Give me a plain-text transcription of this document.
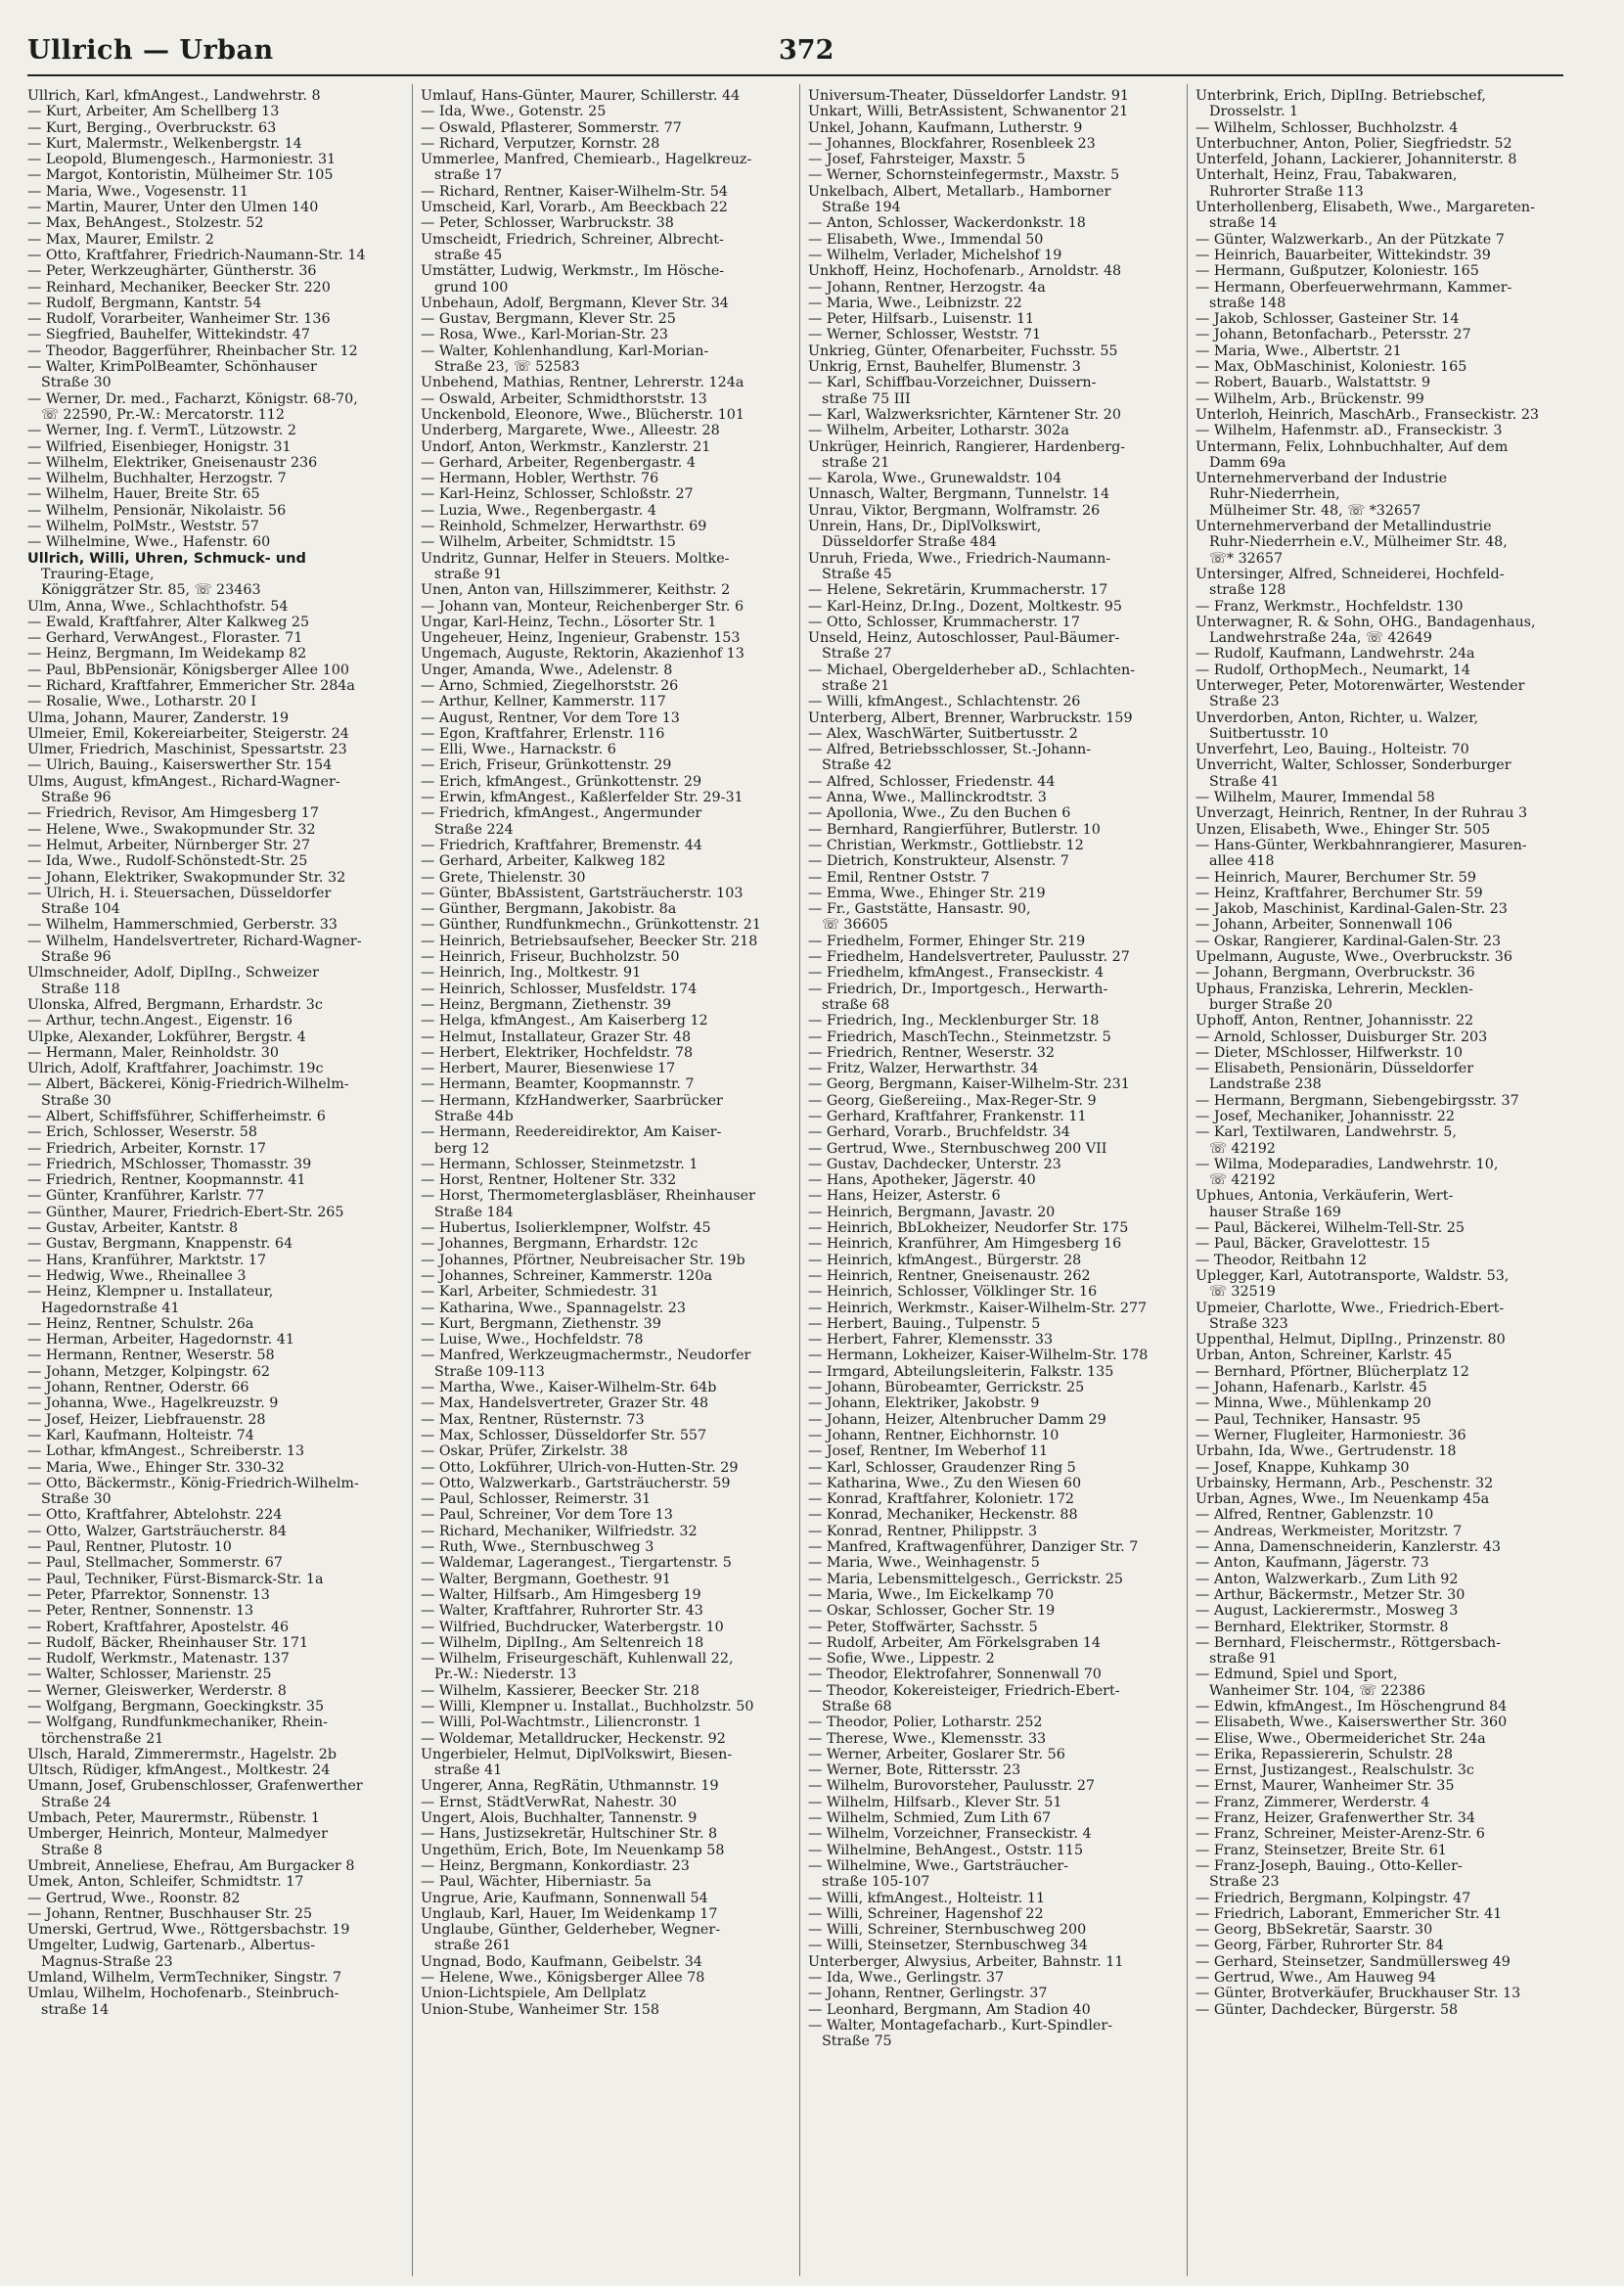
Ullrich — Urban	372
Ullrich, Karl, kfmAngest., Landwehrstr. 8
— Kurt, Arbeiter, Am Schellberg 13
— Kurt, Berging., Overbruckstr. 63
— Kurt, Malermstr., Welkenbergstr. 14
— Leopold, Blumengesch., Harmoniestr. 31
— Margot, Kontoristin, Mülheimer Str. 105
— Maria, Wwe., Vogesenstr. 11
— Martin, Maurer, Unter den Ulmen 140
— Max, BehAngest., Stolzestr. 52
— Max, Maurer, Emilstr. 2
— Otto, Kraftfahrer, Friedrich-Naumann-Str. 14
— Peter, Werkzeughärter, Güntherstr. 36
— Reinhard, Mechaniker, Beecker Str. 220
— Rudolf, Bergmann, Kantstr. 54
— Rudolf, Vorarbeiter, Wanheimer Str. 136
— Siegfried, Bauhelfer, Wittekindstr. 47
— Theodor, Baggerführer, Rheinbacher Str. 12
— Walter, KrimPolBeamter, Schönhauser
Straße 30
— Werner, Dr. med., Facharzt, Königstr. 68-70,
☏ 22590, Pr.-W.: Mercatorstr. 112
— Werner, Ing. f. VermT., Lützowstr. 2
— Wilfried, Eisenbieger, Honigstr. 31
— Wilhelm, Elektriker, Gneisenaustr 236
— Wilhelm, Buchhalter, Herzogstr. 7
— Wilhelm, Hauer, Breite Str. 65
— Wilhelm, Pensionär, Nikolaistr. 56
— Wilhelm, PolMstr., Weststr. 57
— Wilhelmine, Wwe., Hafenstr. 60
Ullrich, Willi, Uhren, Schmuck- und
Trauring-Etage,
Königgrätzer Str. 85, ☏ 23463
Ulm, Anna, Wwe., Schlachthofstr. 54
— Ewald, Kraftfahrer, Alter Kalkweg 25
— Gerhard, VerwAngest., Floraster. 71
— Heinz, Bergmann, Im Weidekamp 82
— Paul, BbPensionär, Königsberger Allee 100
— Richard, Kraftfahrer, Emmericher Str. 284a
— Rosalie, Wwe., Lotharstr. 20 I
Ulma, Johann, Maurer, Zanderstr. 19
Ulmeier, Emil, Kokereiarbeiter, Steigerstr. 24
Ulmer, Friedrich, Maschinist, Spessartstr. 23
— Ulrich, Bauing., Kaiserswerther Str. 154
Ulms, August, kfmAngest., Richard-Wagner-
Straße 96
— Friedrich, Revisor, Am Himgesberg 17
— Helene, Wwe., Swakopmunder Str. 32
— Helmut, Arbeiter, Nürnberger Str. 27
— Ida, Wwe., Rudolf-Schönstedt-Str. 25
— Johann, Elektriker, Swakopmunder Str. 32
— Ulrich, H. i. Steuersachen, Düsseldorfer
Straße 104
— Wilhelm, Hammerschmied, Gerberstr. 33
— Wilhelm, Handelsvertreter, Richard-Wagner-
Straße 96
Ulmschneider, Adolf, DiplIng., Schweizer
Straße 118
Ulonska, Alfred, Bergmann, Erhardstr. 3c
— Arthur, techn.Angest., Eigenstr. 16
Ulpke, Alexander, Lokführer, Bergstr. 4
— Hermann, Maler, Reinholdstr. 30
Ulrich, Adolf, Kraftfahrer, Joachimstr. 19c
— Albert, Bäckerei, König-Friedrich-Wilhelm-
Straße 30
— Albert, Schiffsführer, Schifferheimstr. 6
— Erich, Schlosser, Weserstr. 58
— Friedrich, Arbeiter, Kornstr. 17
— Friedrich, MSchlosser, Thomasstr. 39
— Friedrich, Rentner, Koopmannstr. 41
— Günter, Kranführer, Karlstr. 77
— Günther, Maurer, Friedrich-Ebert-Str. 265
— Gustav, Arbeiter, Kantstr. 8
— Gustav, Bergmann, Knappenstr. 64
— Hans, Kranführer, Marktstr. 17
— Hedwig, Wwe., Rheinallee 3
— Heinz, Klempner u. Installateur,
Hagedornstraße 41
— Heinz, Rentner, Schulstr. 26a
— Herman, Arbeiter, Hagedornstr. 41
— Hermann, Rentner, Weserstr. 58
— Johann, Metzger, Kolpingstr. 62
— Johann, Rentner, Oderstr. 66
— Johanna, Wwe., Hagelkreuzstr. 9
— Josef, Heizer, Liebfrauenstr. 28
— Karl, Kaufmann, Holteistr. 74
— Lothar, kfmAngest., Schreiberstr. 13
— Maria, Wwe., Ehinger Str. 330-32
— Otto, Bäckermstr., König-Friedrich-Wilhelm-
Straße 30
— Otto, Kraftfahrer, Abtelohstr. 224
— Otto, Walzer, Gartsträucherstr. 84
— Paul, Rentner, Plutostr. 10
— Paul, Stellmacher, Sommerstr. 67
— Paul, Techniker, Fürst-Bismarck-Str. 1a
— Peter, Pfarrektor, Sonnenstr. 13
— Peter, Rentner, Sonnenstr. 13
— Robert, Kraftfahrer, Apostelstr. 46
— Rudolf, Bäcker, Rheinhauser Str. 171
— Rudolf, Werkmstr., Matenastr. 137
— Walter, Schlosser, Marienstr. 25
— Werner, Gleiswerker, Werderstr. 8
— Wolfgang, Bergmann, Goeckingkstr. 35
— Wolfgang, Rundfunkmechaniker, Rhein-
törchenstraße 21
Ulsch, Harald, Zimmerermstr., Hagelstr. 2b
Ultsch, Rüdiger, kfmAngest., Moltkestr. 24
Umann, Josef, Grubenschlosser, Grafenwerther
Straße 24
Umbach, Peter, Maurermstr., Rübenstr. 1
Umberger, Heinrich, Monteur, Malmedyer
Straße 8
Umbreit, Anneliese, Ehefrau, Am Burgacker 8
Umek, Anton, Schleifer, Schmidtstr. 17
— Gertrud, Wwe., Roonstr. 82
— Johann, Rentner, Buschhauser Str. 25
Umerski, Gertrud, Wwe., Röttgersbachstr. 19
Umgelter, Ludwig, Gartenarb., Albertus-
Magnus-Straße 23
Umland, Wilhelm, VermTechniker, Singstr. 7
Umlau, Wilhelm, Hochofenarb., Steinbruch-
straße 14
Umlauf, Hans-Günter, Maurer, Schillerstr. 44
— Ida, Wwe., Gotenstr. 25
— Oswald, Pflasterer, Sommerstr. 77
— Richard, Verputzer, Kornstr. 28
Ummerlee, Manfred, Chemiearb., Hagelkreuz-
straße 17
— Richard, Rentner, Kaiser-Wilhelm-Str. 54
Umscheid, Karl, Vorarb., Am Beeckbach 22
— Peter, Schlosser, Warbruckstr. 38
Umscheidt, Friedrich, Schreiner, Albrecht-
straße 45
Umstätter, Ludwig, Werkmstr., Im Hösche-
grund 100
Unbehaun, Adolf, Bergmann, Klever Str. 34
— Gustav, Bergmann, Klever Str. 25
— Rosa, Wwe., Karl-Morian-Str. 23
— Walter, Kohlenhandlung, Karl-Morian-
Straße 23, ☏ 52583
Unbehend, Mathias, Rentner, Lehrerstr. 124a
— Oswald, Arbeiter, Schmidthorststr. 13
Unckenbold, Eleonore, Wwe., Blücherstr. 101
Underberg, Margarete, Wwe., Alleestr. 28
Undorf, Anton, Werkmstr., Kanzlerstr. 21
— Gerhard, Arbeiter, Regenbergastr. 4
— Hermann, Hobler, Werthstr. 76
— Karl-Heinz, Schlosser, Schloßstr. 27
— Luzia, Wwe., Regenbergastr. 4
— Reinhold, Schmelzer, Herwarthstr. 69
— Wilhelm, Arbeiter, Schmidtstr. 15
Undritz, Gunnar, Helfer in Steuers. Moltke-
straße 91
Unen, Anton van, Hillszimmerer, Keithstr. 2
— Johann van, Monteur, Reichenberger Str. 6
Ungar, Karl-Heinz, Techn., Lösorter Str. 1
Ungeheuer, Heinz, Ingenieur, Grabenstr. 153
Ungemach, Auguste, Rektorin, Akazienhof 13
Unger, Amanda, Wwe., Adelenstr. 8
— Arno, Schmied, Ziegelhorststr. 26
— Arthur, Kellner, Kammerstr. 117
— August, Rentner, Vor dem Tore 13
— Egon, Kraftfahrer, Erlenstr. 116
— Elli, Wwe., Harnackstr. 6
— Erich, Friseur, Grünkottenstr. 29
— Erich, kfmAngest., Grünkottenstr. 29
— Erwin, kfmAngest., Kaßlerfelder Str. 29-31
— Friedrich, kfmAngest., Angermunder
Straße 224
— Friedrich, Kraftfahrer, Bremenstr. 44
— Gerhard, Arbeiter, Kalkweg 182
— Grete, Thielenstr. 30
— Günter, BbAssistent, Gartsträucherstr. 103
— Günther, Bergmann, Jakobistr. 8a
— Günther, Rundfunkmechn., Grünkottenstr. 21
— Heinrich, Betriebsaufseher, Beecker Str. 218
— Heinrich, Friseur, Buchholzstr. 50
— Heinrich, Ing., Moltkestr. 91
— Heinrich, Schlosser, Musfeldstr. 174
— Heinz, Bergmann, Ziethenstr. 39
— Helga, kfmAngest., Am Kaiserberg 12
— Helmut, Installateur, Grazer Str. 48
— Herbert, Elektriker, Hochfeldstr. 78
— Herbert, Maurer, Biesenwiese 17
— Hermann, Beamter, Koopmannstr. 7
— Hermann, KfzHandwerker, Saarbrücker
Straße 44b
— Hermann, Reedereidirektor, Am Kaiser-
berg 12
— Hermann, Schlosser, Steinmetzstr. 1
— Horst, Rentner, Holtener Str. 332
— Horst, Thermometerglasbläser, Rheinhauser
Straße 184
— Hubertus, Isolierklempner, Wolfstr. 45
— Johannes, Bergmann, Erhardstr. 12c
— Johannes, Pförtner, Neubreisacher Str. 19b
— Johannes, Schreiner, Kammerstr. 120a
— Karl, Arbeiter, Schmiedestr. 31
— Katharina, Wwe., Spannagelstr. 23
— Kurt, Bergmann, Ziethenstr. 39
— Luise, Wwe., Hochfeldstr. 78
— Manfred, Werkzeugmachermstr., Neudorfer
Straße 109-113
— Martha, Wwe., Kaiser-Wilhelm-Str. 64b
— Max, Handelsvertreter, Grazer Str. 48
— Max, Rentner, Rüsternstr. 73
— Max, Schlosser, Düsseldorfer Str. 557
— Oskar, Prüfer, Zirkelstr. 38
— Otto, Lokführer, Ulrich-von-Hutten-Str. 29
— Otto, Walzwerkarb., Gartsträucherstr. 59
— Paul, Schlosser, Reimerstr. 31
— Paul, Schreiner, Vor dem Tore 13
— Richard, Mechaniker, Wilfriedstr. 32
— Ruth, Wwe., Sternbuschweg 3
— Waldemar, Lagerangest., Tiergartenstr. 5
— Walter, Bergmann, Goethestr. 91
— Walter, Hilfsarb., Am Himgesberg 19
— Walter, Kraftfahrer, Ruhrorter Str. 43
— Wilfried, Buchdrucker, Waterbergstr. 10
— Wilhelm, DiplIng., Am Seltenreich 18
— Wilhelm, Friseurgeschäft, Kuhlenwall 22,
Pr.-W.: Niederstr. 13
— Wilhelm, Kassierer, Beecker Str. 218
— Willi, Klempner u. Installat., Buchholzstr. 50
— Willi, Pol-Wachtmstr., Liliencronstr. 1
— Woldemar, Metalldrucker, Heckenstr. 92
Ungerbieler, Helmut, DiplVolkswirt, Biesen-
straße 41
Ungerer, Anna, RegRätin, Uthmannstr. 19
— Ernst, StädtVerwRat, Nahestr. 30
Ungert, Alois, Buchhalter, Tannenstr. 9
— Hans, Justizsekretär, Hultschiner Str. 8
Ungethüm, Erich, Bote, Im Neuenkamp 58
— Heinz, Bergmann, Konkordiastr. 23
— Paul, Wächter, Hiberniastr. 5a
Ungrue, Arie, Kaufmann, Sonnenwall 54
Unglaub, Karl, Hauer, Im Weidenkamp 17
Unglaube, Günther, Gelderheber, Wegner-
straße 261
Ungnad, Bodo, Kaufmann, Geibelstr. 34
— Helene, Wwe., Königsberger Allee 78
Union-Lichtspiele, Am Dellplatz
Union-Stube, Wanheimer Str. 158
Universum-Theater, Düsseldorfer Landstr. 91
Unkart, Willi, BetrAssistent, Schwanentor 21
Unkel, Johann, Kaufmann, Lutherstr. 9
— Johannes, Blockfahrer, Rosenbleek 23
— Josef, Fahrsteiger, Maxstr. 5
— Werner, Schornsteinfegermstr., Maxstr. 5
Unkelbach, Albert, Metallarb., Hamborner
Straße 194
— Anton, Schlosser, Wackerdonkstr. 18
— Elisabeth, Wwe., Immendal 50
— Wilhelm, Verlader, Michelshof 19
Unkhoff, Heinz, Hochofenarb., Arnoldstr. 48
— Johann, Rentner, Herzogstr. 4a
— Maria, Wwe., Leibnizstr. 22
— Peter, Hilfsarb., Luisenstr. 11
— Werner, Schlosser, Weststr. 71
Unkrieg, Günter, Ofenarbeiter, Fuchsstr. 55
Unkrig, Ernst, Bauhelfer, Blumenstr. 3
— Karl, Schiffbau-Vorzeichner, Duissern-
straße 75 III
— Karl, Walzwerksrichter, Kärntener Str. 20
— Wilhelm, Arbeiter, Lotharstr. 302a
Unkrüger, Heinrich, Rangierer, Hardenberg-
straße 21
— Karola, Wwe., Grunewaldstr. 104
Unnasch, Walter, Bergmann, Tunnelstr. 14
Unrau, Viktor, Bergmann, Wolframstr. 26
Unrein, Hans, Dr., DiplVolkswirt,
Düsseldorfer Straße 484
Unruh, Frieda, Wwe., Friedrich-Naumann-
Straße 45
— Helene, Sekretärin, Krummacherstr. 17
— Karl-Heinz, Dr.Ing., Dozent, Moltkestr. 95
— Otto, Schlosser, Krummacherstr. 17
Unseld, Heinz, Autoschlosser, Paul-Bäumer-
Straße 27
— Michael, Obergelderheber aD., Schlachten-
straße 21
— Willi, kfmAngest., Schlachtenstr. 26
Unterberg, Albert, Brenner, Warbruckstr. 159
— Alex, WaschWärter, Suitbertusstr. 2
— Alfred, Betriebsschlosser, St.-Johann-
Straße 42
— Alfred, Schlosser, Friedenstr. 44
— Anna, Wwe., Mallinckrodtstr. 3
— Apollonia, Wwe., Zu den Buchen 6
— Bernhard, Rangierführer, Butlerstr. 10
— Christian, Werkmstr., Gottliebstr. 12
— Dietrich, Konstrukteur, Alsenstr. 7
— Emil, Rentner Oststr. 7
— Emma, Wwe., Ehinger Str. 219
— Fr., Gaststätte, Hansastr. 90,
☏ 36605
— Friedhelm, Former, Ehinger Str. 219
— Friedhelm, Handelsvertreter, Paulusstr. 27
— Friedhelm, kfmAngest., Franseckistr. 4
— Friedrich, Dr., Importgesch., Herwarth-
straße 68
— Friedrich, Ing., Mecklenburger Str. 18
— Friedrich, MaschTechn., Steinmetzstr. 5
— Friedrich, Rentner, Weserstr. 32
— Fritz, Walzer, Herwarthstr. 34
— Georg, Bergmann, Kaiser-Wilhelm-Str. 231
— Georg, Gießereiing., Max-Reger-Str. 9
— Gerhard, Kraftfahrer, Frankenstr. 11
— Gerhard, Vorarb., Bruchfeldstr. 34
— Gertrud, Wwe., Sternbuschweg 200 VII
— Gustav, Dachdecker, Unterstr. 23
— Hans, Apotheker, Jägerstr. 40
— Hans, Heizer, Asterstr. 6
— Heinrich, Bergmann, Javastr. 20
— Heinrich, BbLokheizer, Neudorfer Str. 175
— Heinrich, Kranführer, Am Himgesberg 16
— Heinrich, kfmAngest., Bürgerstr. 28
— Heinrich, Rentner, Gneisenaustr. 262
— Heinrich, Schlosser, Völklinger Str. 16
— Heinrich, Werkmstr., Kaiser-Wilhelm-Str. 277
— Herbert, Bauing., Tulpenstr. 5
— Herbert, Fahrer, Klemensstr. 33
— Hermann, Lokheizer, Kaiser-Wilhelm-Str. 178
— Irmgard, Abteilungsleiterin, Falkstr. 135
— Johann, Bürobeamter, Gerrickstr. 25
— Johann, Elektriker, Jakobstr. 9
— Johann, Heizer, Altenbrucher Damm 29
— Johann, Rentner, Eichhornstr. 10
— Josef, Rentner, Im Weberhof 11
— Karl, Schlosser, Graudenzer Ring 5
— Katharina, Wwe., Zu den Wiesen 60
— Konrad, Kraftfahrer, Kolonietr. 172
— Konrad, Mechaniker, Heckenstr. 88
— Konrad, Rentner, Philippstr. 3
— Manfred, Kraftwagenführer, Danziger Str. 7
— Maria, Wwe., Weinhagenstr. 5
— Maria, Lebensmittelgesch., Gerrickstr. 25
— Maria, Wwe., Im Eickelkamp 70
— Oskar, Schlosser, Gocher Str. 19
— Peter, Stoffwärter, Sachsstr. 5
— Rudolf, Arbeiter, Am Förkelsgraben 14
— Sofie, Wwe., Lippestr. 2
— Theodor, Elektrofahrer, Sonnenwall 70
— Theodor, Kokereisteiger, Friedrich-Ebert-
Straße 68
— Theodor, Polier, Lotharstr. 252
— Therese, Wwe., Klemensstr. 33
— Werner, Arbeiter, Goslarer Str. 56
— Werner, Bote, Rittersstr. 23
— Wilhelm, Burovorsteher, Paulusstr. 27
— Wilhelm, Hilfsarb., Klever Str. 51
— Wilhelm, Schmied, Zum Lith 67
— Wilhelm, Vorzeichner, Franseckistr. 4
— Wilhelmine, BehAngest., Oststr. 115
— Wilhelmine, Wwe., Gartsträucher-
straße 105-107
— Willi, kfmAngest., Holteistr. 11
— Willi, Schreiner, Hagenshof 22
— Willi, Schreiner, Sternbuschweg 200
— Willi, Steinsetzer, Sternbuschweg 34
Unterberger, Alwysius, Arbeiter, Bahnstr. 11
— Ida, Wwe., Gerlingstr. 37
— Johann, Rentner, Gerlingstr. 37
— Leonhard, Bergmann, Am Stadion 40
— Walter, Montagefacharb., Kurt-Spindler-
Straße 75
Unterbrink, Erich, DiplIng. Betriebschef,
Drosselstr. 1
— Wilhelm, Schlosser, Buchholzstr. 4
Unterbuchner, Anton, Polier, Siegfriedstr. 52
Unterfeld, Johann, Lackierer, Johanniterstr. 8
Unterhalt, Heinz, Frau, Tabakwaren,
Ruhrorter Straße 113
Unterhollenberg, Elisabeth, Wwe., Margareten-
straße 14
— Günter, Walzwerkarb., An der Pützkate 7
— Heinrich, Bauarbeiter, Wittekindstr. 39
— Hermann, Gußputzer, Koloniestr. 165
— Hermann, Oberfeuerwehrmann, Kammer-
straße 148
— Jakob, Schlosser, Gasteiner Str. 14
— Johann, Betonfacharb., Petersstr. 27
— Maria, Wwe., Albertstr. 21
— Max, ObMaschinist, Koloniestr. 165
— Robert, Bauarb., Walstattstr. 9
— Wilhelm, Arb., Brückenstr. 99
Unterloh, Heinrich, MaschArb., Franseckistr. 23
— Wilhelm, Hafenmstr. aD., Franseckistr. 3
Untermann, Felix, Lohnbuchhalter, Auf dem
Damm 69a
Unternehmerverband der Industrie
Ruhr-Niederrhein,
Mülheimer Str. 48, ☏ *32657
Unternehmerverband der Metallindustrie
Ruhr-Niederrhein e.V., Mülheimer Str. 48,
☏* 32657
Untersinger, Alfred, Schneiderei, Hochfeld-
straße 128
— Franz, Werkmstr., Hochfeldstr. 130
Unterwagner, R. & Sohn, OHG., Bandagenhaus,
Landwehrstraße 24a, ☏ 42649
— Rudolf, Kaufmann, Landwehrstr. 24a
— Rudolf, OrthopMech., Neumarkt, 14
Unterweger, Peter, Motorenwärter, Westender
Straße 23
Unverdorben, Anton, Richter, u. Walzer,
Suitbertusstr. 10
Unverfehrt, Leo, Bauing., Holteistr. 70
Unverricht, Walter, Schlosser, Sonderburger
Straße 41
— Wilhelm, Maurer, Immendal 58
Unverzagt, Heinrich, Rentner, In der Ruhrau 3
Unzen, Elisabeth, Wwe., Ehinger Str. 505
— Hans-Günter, Werkbahnrangierer, Masuren-
allee 418
— Heinrich, Maurer, Berchumer Str. 59
— Heinz, Kraftfahrer, Berchumer Str. 59
— Jakob, Maschinist, Kardinal-Galen-Str. 23
— Johann, Arbeiter, Sonnenwall 106
— Oskar, Rangierer, Kardinal-Galen-Str. 23
Upelmann, Auguste, Wwe., Overbruckstr. 36
— Johann, Bergmann, Overbruckstr. 36
Uphaus, Franziska, Lehrerin, Mecklen-
burger Straße 20
Uphoff, Anton, Rentner, Johannisstr. 22
— Arnold, Schlosser, Duisburger Str. 203
— Dieter, MSchlosser, Hilfwerkstr. 10
— Elisabeth, Pensionärin, Düsseldorfer
Landstraße 238
— Hermann, Bergmann, Siebengebirgsstr. 37
— Josef, Mechaniker, Johannisstr. 22
— Karl, Textilwaren, Landwehrstr. 5,
☏ 42192
— Wilma, Modeparadies, Landwehrstr. 10,
☏ 42192
Uphues, Antonia, Verkäuferin, Wert-
hauser Straße 169
— Paul, Bäckerei, Wilhelm-Tell-Str. 25
— Paul, Bäcker, Gravelottestr. 15
— Theodor, Reitbahn 12
Uplegger, Karl, Autotransporte, Waldstr. 53,
☏ 32519
Upmeier, Charlotte, Wwe., Friedrich-Ebert-
Straße 323
Uppenthal, Helmut, DiplIng., Prinzenstr. 80
Urban, Anton, Schreiner, Karlstr. 45
— Bernhard, Pförtner, Blücherplatz 12
— Johann, Hafenarb., Karlstr. 45
— Minna, Wwe., Mühlenkamp 20
— Paul, Techniker, Hansastr. 95
— Werner, Flugleiter, Harmoniestr. 36
Urbahn, Ida, Wwe., Gertrudenstr. 18
— Josef, Knappe, Kuhkamp 30
Urbainsky, Hermann, Arb., Peschenstr. 32
Urban, Agnes, Wwe., Im Neuenkamp 45a
— Alfred, Rentner, Gablenzstr. 10
— Andreas, Werkmeister, Moritzstr. 7
— Anna, Damenschneiderin, Kanzlerstr. 43
— Anton, Kaufmann, Jägerstr. 73
— Anton, Walzwerkarb., Zum Lith 92
— Arthur, Bäckermstr., Metzer Str. 30
— August, Lackierermstr., Mosweg 3
— Bernhard, Elektriker, Stormstr. 8
— Bernhard, Fleischermstr., Röttgersbach-
straße 91
— Edmund, Spiel und Sport,
Wanheimer Str. 104, ☏ 22386
— Edwin, kfmAngest., Im Höschengrund 84
— Elisabeth, Wwe., Kaiserswerther Str. 360
— Elise, Wwe., Obermeiderichet Str. 24a
— Erika, Repassiererin, Schulstr. 28
— Ernst, Justizangest., Realschulstr. 3c
— Ernst, Maurer, Wanheimer Str. 35
— Franz, Zimmerer, Werderstr. 4
— Franz, Heizer, Grafenwerther Str. 34
— Franz, Schreiner, Meister-Arenz-Str. 6
— Franz, Steinsetzer, Breite Str. 61
— Franz-Joseph, Bauing., Otto-Keller-
Straße 23
— Friedrich, Bergmann, Kolpingstr. 47
— Friedrich, Laborant, Emmericher Str. 41
— Georg, BbSekretär, Saarstr. 30
— Georg, Färber, Ruhrorter Str. 84
— Gerhard, Steinsetzer, Sandmüllersweg 49
— Gertrud, Wwe., Am Hauweg 94
— Günter, Brotverkäufer, Bruckhauser Str. 13
— Günter, Dachdecker, Bürgerstr. 58
